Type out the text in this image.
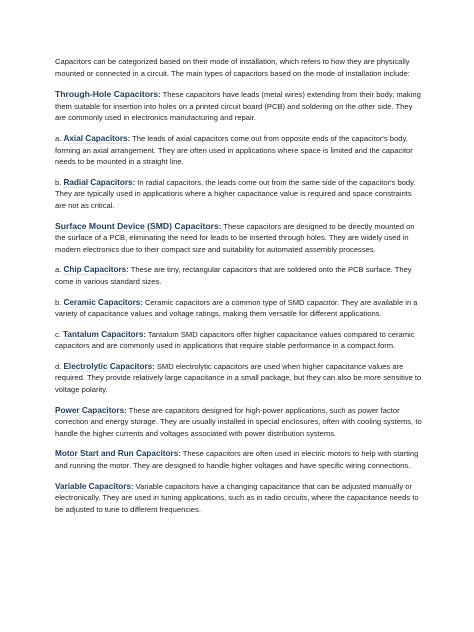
Capacitors can be categorized based on their mode of installation, which refers to how they are physically mounted or connected in a circuit. The main types of capacitors based on the mode of installation include:

Through-Hole Capacitors: These capacitors have leads (metal wires) extending from their body, making them suitable for insertion into holes on a printed circuit board (PCB) and soldering on the other side. They are commonly used in electronics manufacturing and repair.

a. Axial Capacitors: The leads of axial capacitors come out from opposite ends of the capacitor's body, forming an axial arrangement. They are often used in applications where space is limited and the capacitor needs to be mounted in a straight line.

b. Radial Capacitors: In radial capacitors, the leads come out from the same side of the capacitor's body. They are typically used in applications where a higher capacitance value is required and space constraints are not as critical.

Surface Mount Device (SMD) Capacitors: These capacitors are designed to be directly mounted on the surface of a PCB, eliminating the need for leads to be inserted through holes. They are widely used in modern electronics due to their compact size and suitability for automated assembly processes.

a. Chip Capacitors: These are tiny, rectangular capacitors that are soldered onto the PCB surface. They come in various standard sizes.

b. Ceramic Capacitors: Ceramic capacitors are a common type of SMD capacitor. They are available in a variety of capacitance values and voltage ratings, making them versatile for different applications.

c. Tantalum Capacitors: Tantalum SMD capacitors offer higher capacitance values compared to ceramic capacitors and are commonly used in applications that require stable performance in a compact form.

d. Electrolytic Capacitors: SMD electrolytic capacitors are used when higher capacitance values are required. They provide relatively large capacitance in a small package, but they can also be more sensitive to voltage polarity.

Power Capacitors: These are capacitors designed for high-power applications, such as power factor correction and energy storage. They are usually installed in special enclosures, often with cooling systems, to handle the higher currents and voltages associated with power distribution systems.

Motor Start and Run Capacitors: These capacitors are often used in electric motors to help with starting and running the motor. They are designed to handle higher voltages and have specific wiring connections.

Variable Capacitors: Variable capacitors have a changing capacitance that can be adjusted manually or electronically. They are used in tuning applications, such as in radio circuits, where the capacitance needs to be adjusted to tune to different frequencies.
